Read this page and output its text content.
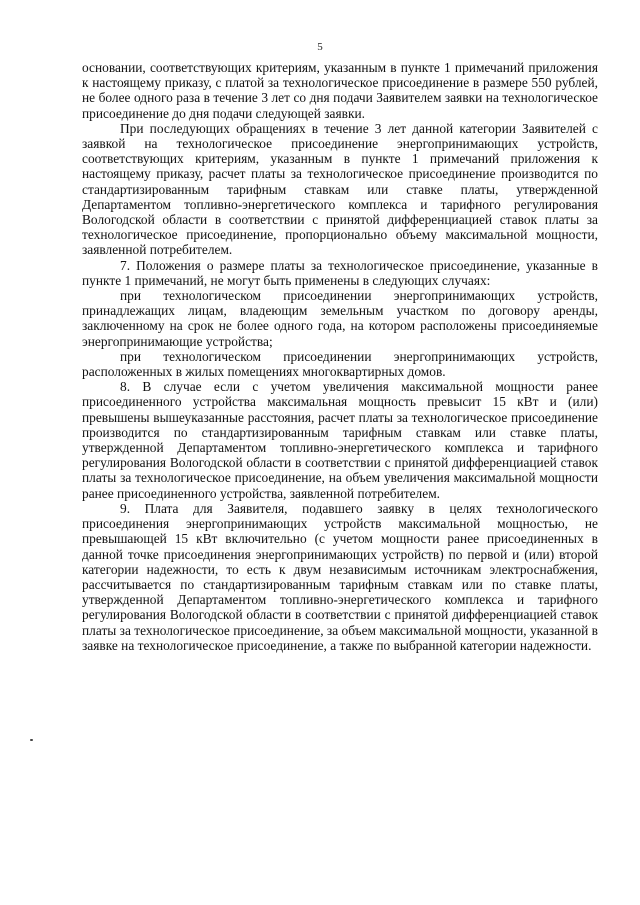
5

основании, соответствующих критериям, указанным в пункте 1 примечаний приложения к настоящему приказу, с платой за технологическое присоединение в размере 550 рублей, не более одного раза в течение 3 лет со дня подачи Заявителем заявки на технологическое присоединение до дня подачи следующей заявки.

При последующих обращениях в течение 3 лет данной категории Заявителей с заявкой на технологическое присоединение энергопринимающих устройств, соответствующих критериям, указанным в пункте 1 примечаний приложения к настоящему приказу, расчет платы за технологическое присоединение производится по стандартизированным тарифным ставкам или ставке платы, утвержденной Департаментом топливно-энергетического комплекса и тарифного регулирования Вологодской области в соответствии с принятой дифференциацией ставок платы за технологическое присоединение, пропорционально объему максимальной мощности, заявленной потребителем.

7. Положения о размере платы за технологическое присоединение, указанные в пункте 1 примечаний, не могут быть применены в следующих случаях:

при технологическом присоединении энергопринимающих устройств, принадлежащих лицам, владеющим земельным участком по договору аренды, заключенному на срок не более одного года, на котором расположены присоединяемые энергопринимающие устройства;

при технологическом присоединении энергопринимающих устройств, расположенных в жилых помещениях многоквартирных домов.

8. В случае если с учетом увеличения максимальной мощности ранее присоединенного устройства максимальная мощность превысит 15 кВт и (или) превышены вышеуказанные расстояния, расчет платы за технологическое присоединение производится по стандартизированным тарифным ставкам или ставке платы, утвержденной Департаментом топливно-энергетического комплекса и тарифного регулирования Вологодской области в соответствии с принятой дифференциацией ставок платы за технологическое присоединение, на объем увеличения максимальной мощности ранее присоединенного устройства, заявленной потребителем.

9. Плата для Заявителя, подавшего заявку в целях технологического присоединения энергопринимающих устройств максимальной мощностью, не превышающей 15 кВт включительно (с учетом мощности ранее присоединенных в данной точке присоединения энергопринимающих устройств) по первой и (или) второй категории надежности, то есть к двум независимым источникам электроснабжения, рассчитывается по стандартизированным тарифным ставкам или по ставке платы, утвержденной Департаментом топливно-энергетического комплекса и тарифного регулирования Вологодской области в соответствии с принятой дифференциацией ставок платы за технологическое присоединение, за объем максимальной мощности, указанной в заявке на технологическое присоединение, а также по выбранной категории надежности.
